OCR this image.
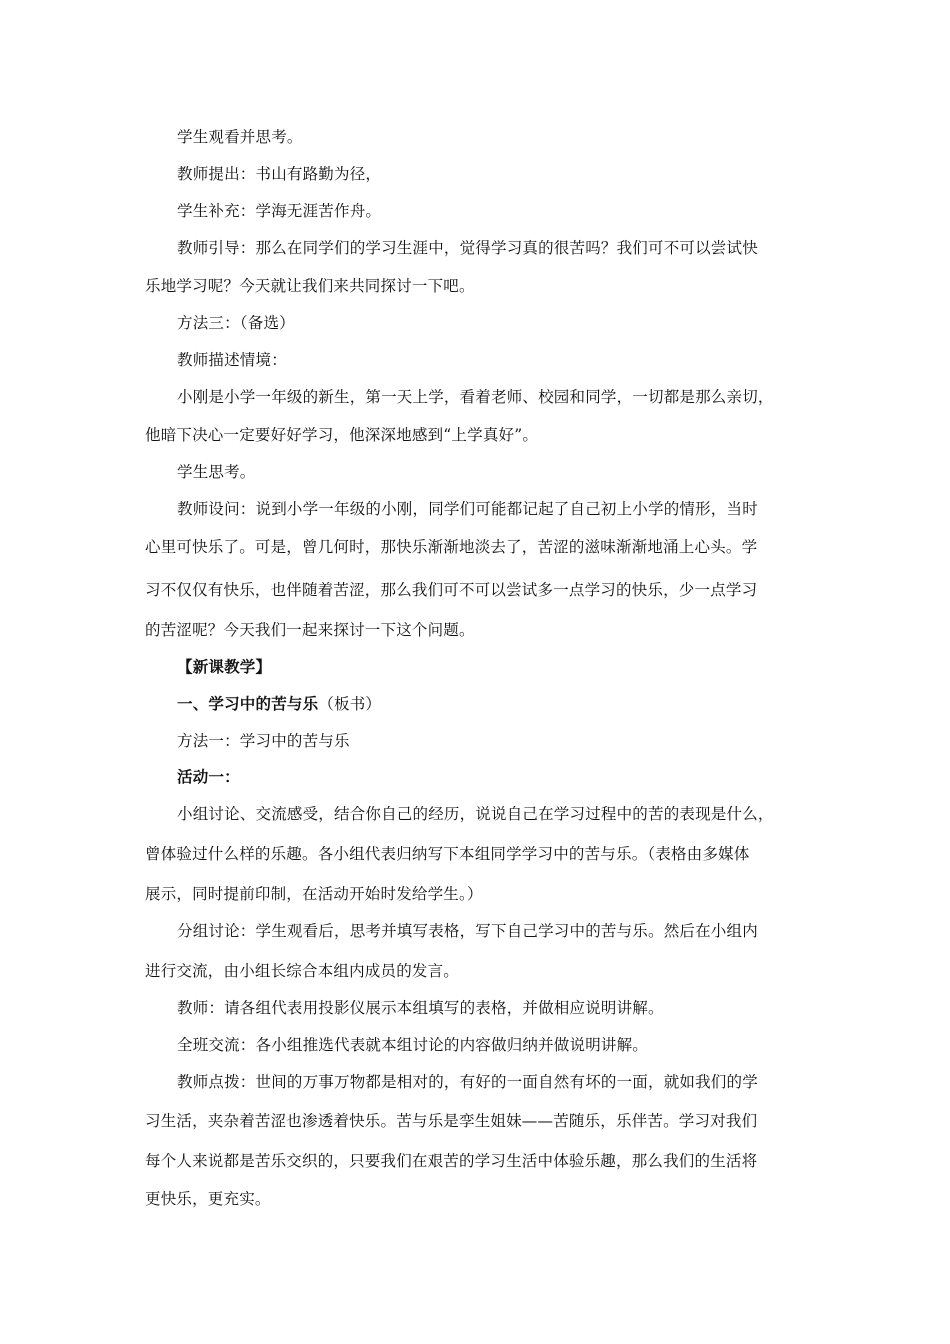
学生观看并思考。
教师提出：书山有路勤为径，
学生补充：学海无涯苦作舟。
教师引导：那么在同学们的学习生涯中，觉得学习真的很苦吗？我们可不可以尝试快
乐地学习呢？今天就让我们来共同探讨一下吧。
方法三：（备选）
教师描述情境：
小刚是小学一年级的新生，第一天上学，看着老师、校园和同学，一切都是那么亲切，
他暗下决心一定要好好学习，他深深地感到“上学真好”。
学生思考。
教师设问：说到小学一年级的小刚，同学们可能都记起了自己初上小学的情形，当时
心里可快乐了。可是，曾几何时，那快乐渐渐地淡去了，苦涩的滋味渐渐地涌上心头。学
习不仅仅有快乐，也伴随着苦涩，那么我们可不可以尝试多一点学习的快乐，少一点学习
的苦涩呢？今天我们一起来探讨一下这个问题。
【新课教学】
一、学习中的苦与乐（板书）
方法一：学习中的苦与乐
活动一：
小组讨论、交流感受，结合你自己的经历，说说自己在学习过程中的苦的表现是什么，
曾体验过什么样的乐趣。各小组代表归纳写下本组同学学习中的苦与乐。（表格由多媒体
展示，同时提前印制，在活动开始时发给学生。）
分组讨论：学生观看后，思考并填写表格，写下自己学习中的苦与乐。然后在小组内
进行交流，由小组长综合本组内成员的发言。
教师：请各组代表用投影仪展示本组填写的表格，并做相应说明讲解。
全班交流：各小组推选代表就本组讨论的内容做归纳并做说明讲解。
教师点拨：世间的万事万物都是相对的，有好的一面自然有坏的一面，就如我们的学
习生活，夹杂着苦涩也渗透着快乐。苦与乐是孪生姐妹——苦随乐，乐伴苦。学习对我们
每个人来说都是苦乐交织的，只要我们在艰苦的学习生活中体验乐趣，那么我们的生活将
更快乐，更充实。
